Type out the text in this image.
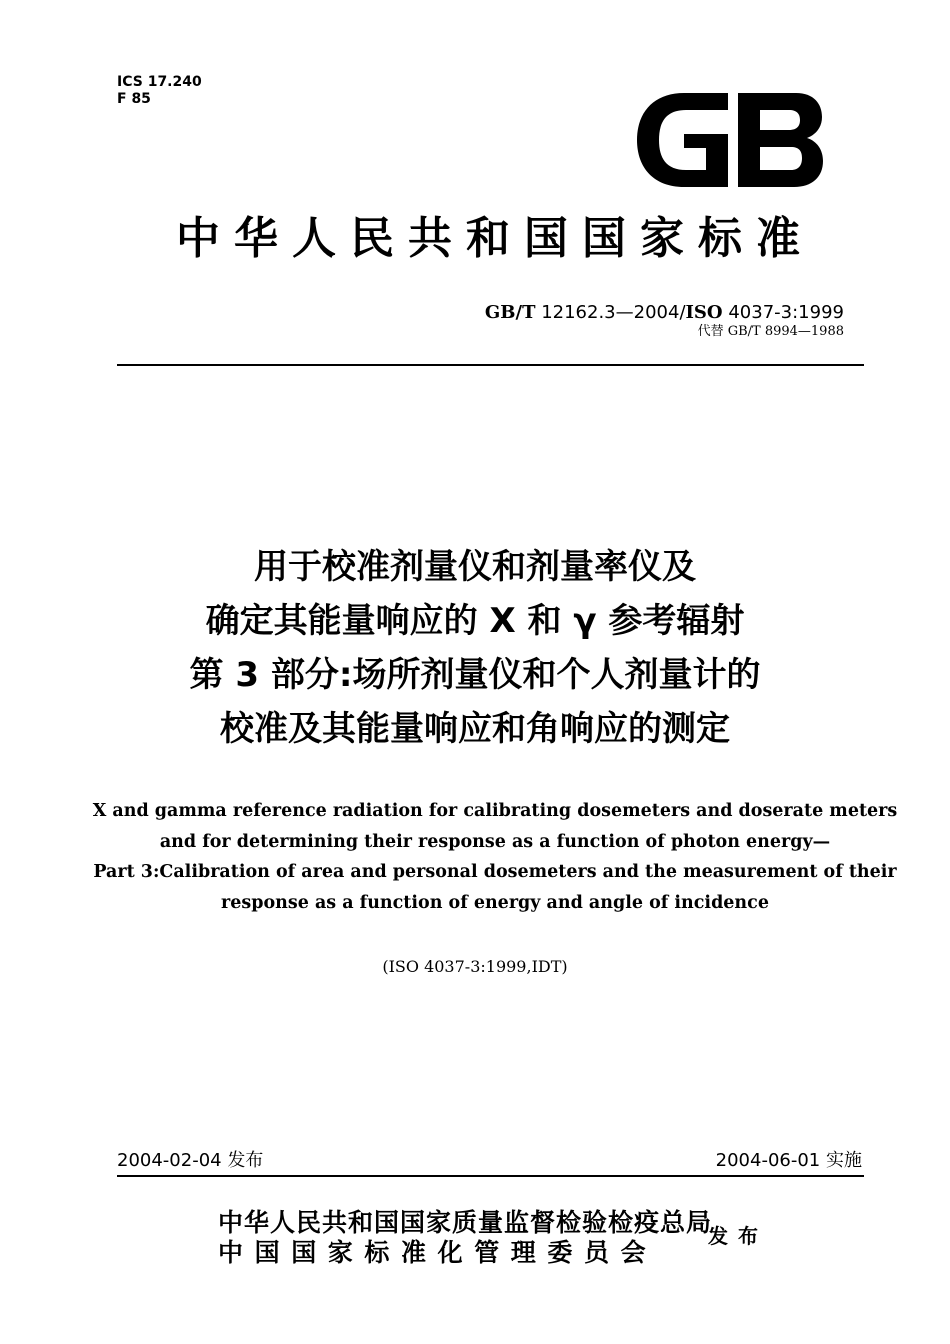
ICS 17.240
F 85
中华人民共和国国家标准
GB/T 12162.3—2004/ISO 4037-3:1999
代替 GB/T 8994—1988
用于校准剂量仪和剂量率仪及
确定其能量响应的 X 和 γ 参考辐射
第 3 部分:场所剂量仪和个人剂量计的
校准及其能量响应和角响应的测定
X and gamma reference radiation for calibrating dosemeters and doserate meters
and for determining their response as a function of photon energy—
Part 3:Calibration of area and personal dosemeters and the measurement of their
response as a function of energy and angle of incidence
(ISO 4037-3:1999,IDT)
2004-02-04 发布	2004-06-01 实施
中华人民共和国国家质量监督检验检疫总局
中国国家标准化管理委员会
发布
